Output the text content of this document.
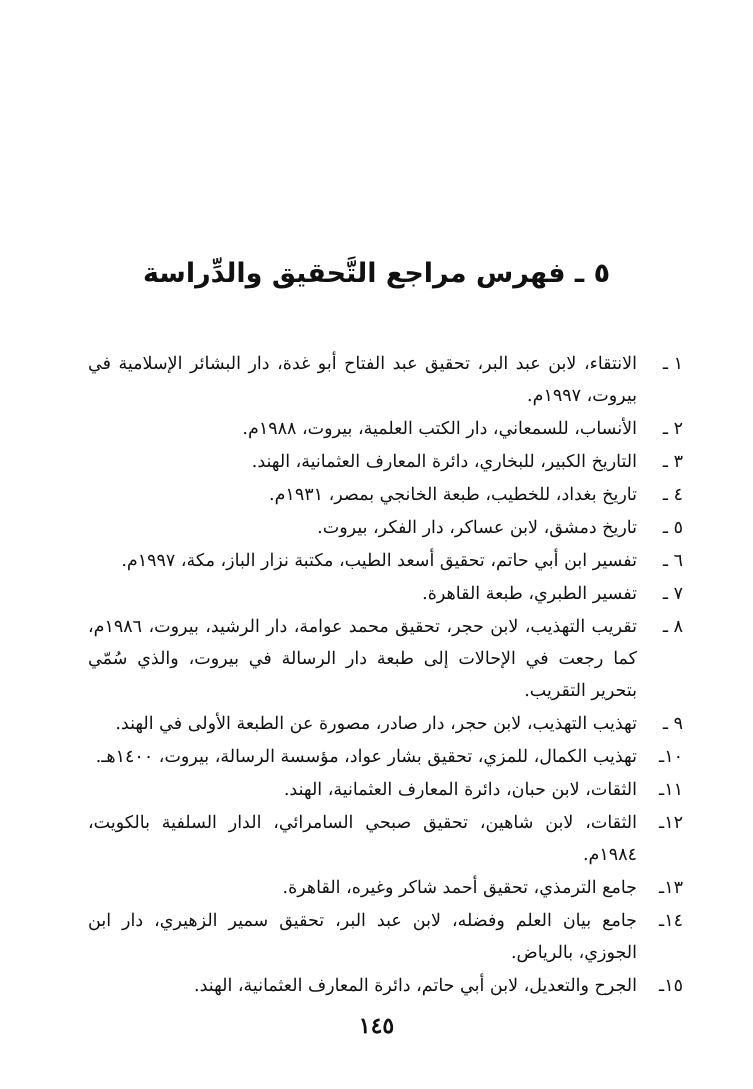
٥ ـ فهرس مراجع التَّحقيق والدِّراسة
١ ـ
الانتقاء، لابن عبد البر، تحقيق عبد الفتاح أبو غدة، دار البشائر الإسلامية في بيروت، ١٩٩٧م.
٢ ـ
الأنساب، للسمعاني، دار الكتب العلمية، بيروت، ١٩٨٨م.
٣ ـ
التاريخ الكبير، للبخاري، دائرة المعارف العثمانية، الهند.
٤ ـ
تاريخ بغداد، للخطيب، طبعة الخانجي بمصر، ١٩٣١م.
٥ ـ
تاريخ دمشق، لابن عساكر، دار الفكر، بيروت.
٦ ـ
تفسير ابن أبي حاتم، تحقيق أسعد الطيب، مكتبة نزار الباز، مكة، ١٩٩٧م.
٧ ـ
تفسير الطبري، طبعة القاهرة.
٨ ـ
تقريب التهذيب، لابن حجر، تحقيق محمد عوامة، دار الرشيد، بيروت، ١٩٨٦م، كما رجعت في الإحالات إلى طبعة دار الرسالة في بيروت، والذي سُمّي بتحرير التقريب.
٩ ـ
تهذيب التهذيب، لابن حجر، دار صادر، مصورة عن الطبعة الأولى في الهند.
١٠ـ
تهذيب الكمال، للمزي، تحقيق بشار عواد، مؤسسة الرسالة، بيروت، ١٤٠٠هـ.
١١ـ
الثقات، لابن حبان، دائرة المعارف العثمانية، الهند.
١٢ـ
الثقات، لابن شاهين، تحقيق صبحي السامرائي، الدار السلفية بالكويت، ١٩٨٤م.
١٣ـ
جامع الترمذي، تحقيق أحمد شاكر وغيره، القاهرة.
١٤ـ
جامع بيان العلم وفضله، لابن عبد البر، تحقيق سمير الزهيري، دار ابن الجوزي، بالرياض.
١٥ـ
الجرح والتعديل، لابن أبي حاتم، دائرة المعارف العثمانية، الهند.
١٤٥
